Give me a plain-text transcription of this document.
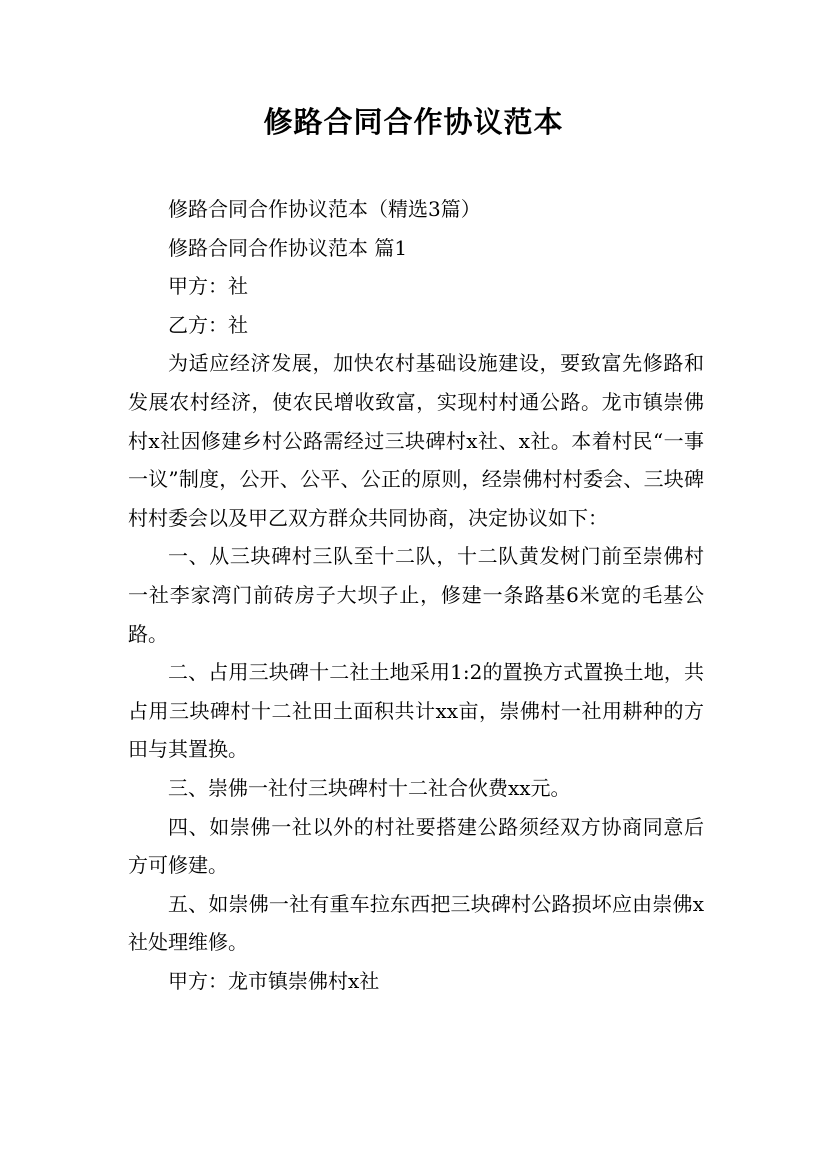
修路合同合作协议范本

修路合同合作协议范本（精选3篇）

修路合同合作协议范本 篇1

甲方：社

乙方：社

为适应经济发展，加快农村基础设施建设，要致富先修路和发展农村经济，使农民增收致富，实现村村通公路。龙市镇崇佛村x社因修建乡村公路需经过三块碑村x社、x社。本着村民“一事一议”制度，公开、公平、公正的原则，经崇佛村村委会、三块碑村村委会以及甲乙双方群众共同协商，决定协议如下：

一、从三块碑村三队至十二队，十二队黄发树门前至崇佛村一社李家湾门前砖房子大坝子止，修建一条路基6米宽的毛基公路。

二、占用三块碑十二社土地采用1:2的置换方式置换土地，共占用三块碑村十二社田土面积共计xx亩，崇佛村一社用耕种的方田与其置换。

三、崇佛一社付三块碑村十二社合伙费xx元。

四、如崇佛一社以外的村社要搭建公路须经双方协商同意后方可修建。

五、如崇佛一社有重车拉东西把三块碑村公路损坏应由崇佛x社处理维修。

甲方：龙市镇崇佛村x社
